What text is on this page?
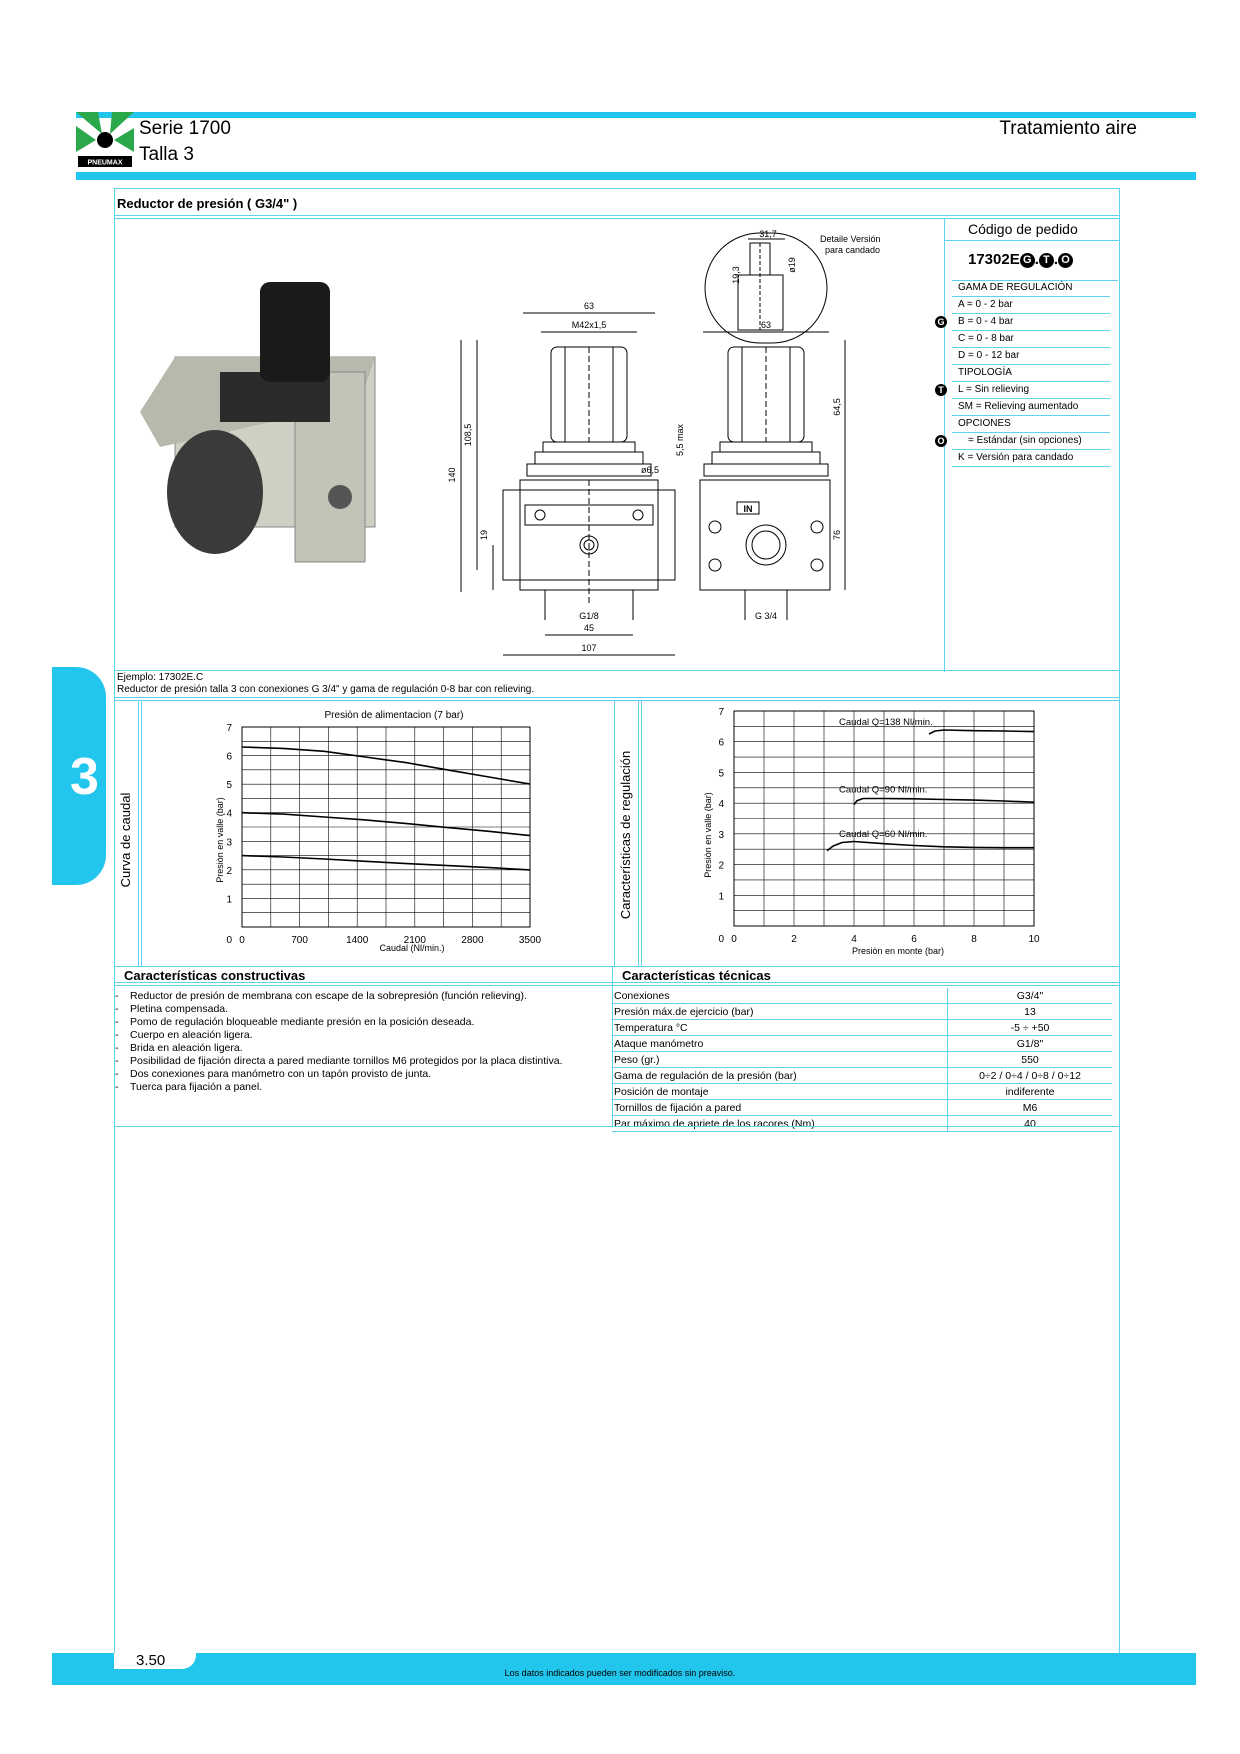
PNEUMAX
Serie 1700
Talla 3
Tratamiento aire
3
Reductor de presión ( G3/4" )
31,7
19,3
ø19
Detaile Versión
para candado
63
M42x1,5
140
108,5
19
5,5 max
ø6,5
G1/8
45
107
63
IN
G 3/4
64,5
76
Código de pedido
17302E G . T . O
GAMA DE REGULACIÓN
A = 0 - 2 bar
G B = 0 - 4 bar
C = 0 - 8 bar
D = 0 - 12 bar
TIPOLOGÍA
T	L = Sin relieving
SM = Relieving aumentado
OPCIONES
O = Estándar (sin opciones)
K = Versión para candado
Ejemplo: 17302E.C
Reductor de presión talla 3 con conexiones G 3/4" y gama de regulación 0-8 bar con relieving.
Curva de caudal
Presiòn de alimentacion (7 bar)
Presiòn en valle (bar)
Caudal (Nl/min.)
0	700	1400	2100	2800	3500
1
2
3
4
5
6
7
0
Características de regulación	Presiòn en valle (bar)
Presiòn en monte (bar)
0	2	4	6	8	10
1
2
3
4
5
6
7
0
Caudal Q=138 Nl/min.
Caudal Q=90 Nl/min.
Caudal Q=60 Nl/min.
Características constructivas	Características técnicas
- Reductor de presión de membrana con escape de la sobrepresión (función relieving).
- Pletina compensada.
- Pomo de regulación bloqueable mediante presión en la posición deseada.
- Cuerpo en aleación ligera.
- Brida en aleación ligera.
- Posibilidad de fijación directa a pared mediante tornillos M6 protegidos por la placa distintiva.
- Dos conexiones para manómetro con un tapón provisto de junta.
- Tuerca para fijación a panel.
Conexiones	G3/4"
Presión máx.de ejercicio (bar)	13
Temperatura °C	-5 ÷ +50
Ataque manómetro	G1/8"
Peso (gr.)	550
Gama de regulación de la presión (bar)	0÷2 / 0÷4 / 0÷8 / 0÷12
Posición de montaje	indiferente
Tornillos de fijación a pared	M6
Par máximo de apriete de los racores (Nm)	40
3.50
Los datos indicados pueden ser modificados sin preaviso.
